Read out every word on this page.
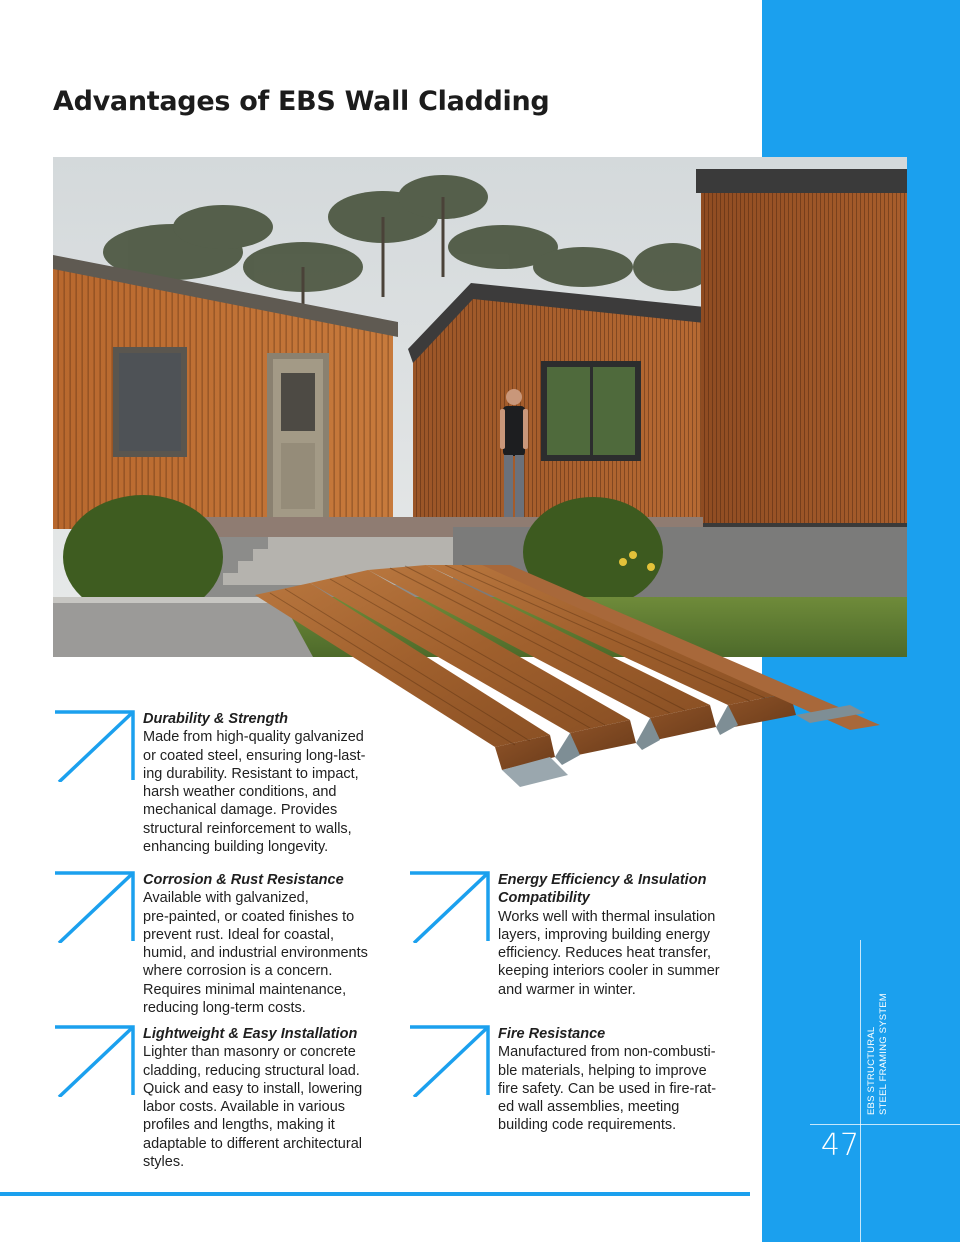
EBS STRUCTURAL STEEL FRAMING SYSTEM
47
Advantages of EBS Wall Cladding
Durability & Strength
Made from high-quality galvanized
or coated steel, ensuring long-last-
ing durability. Resistant to impact,
harsh weather conditions, and
mechanical damage. Provides
structural reinforcement to walls,
enhancing building longevity.
Corrosion & Rust Resistance
Available with galvanized,
pre-painted, or coated finishes to
prevent rust. Ideal for coastal,
humid, and industrial environments
where corrosion is a concern.
Requires minimal maintenance,
reducing long-term costs.
Energy Efficiency & Insulation
Compatibility
Works well with thermal insulation
layers, improving building energy
efficiency. Reduces heat transfer,
keeping interiors cooler in summer
and warmer in winter.
Lightweight & Easy Installation
Lighter than masonry or concrete
cladding, reducing structural load.
Quick and easy to install, lowering
labor costs. Available in various
profiles and lengths, making it
adaptable to different architectural
styles.
Fire Resistance
Manufactured from non-combusti-
ble materials, helping to improve
fire safety. Can be used in fire-rat-
ed wall assemblies, meeting
building code requirements.
